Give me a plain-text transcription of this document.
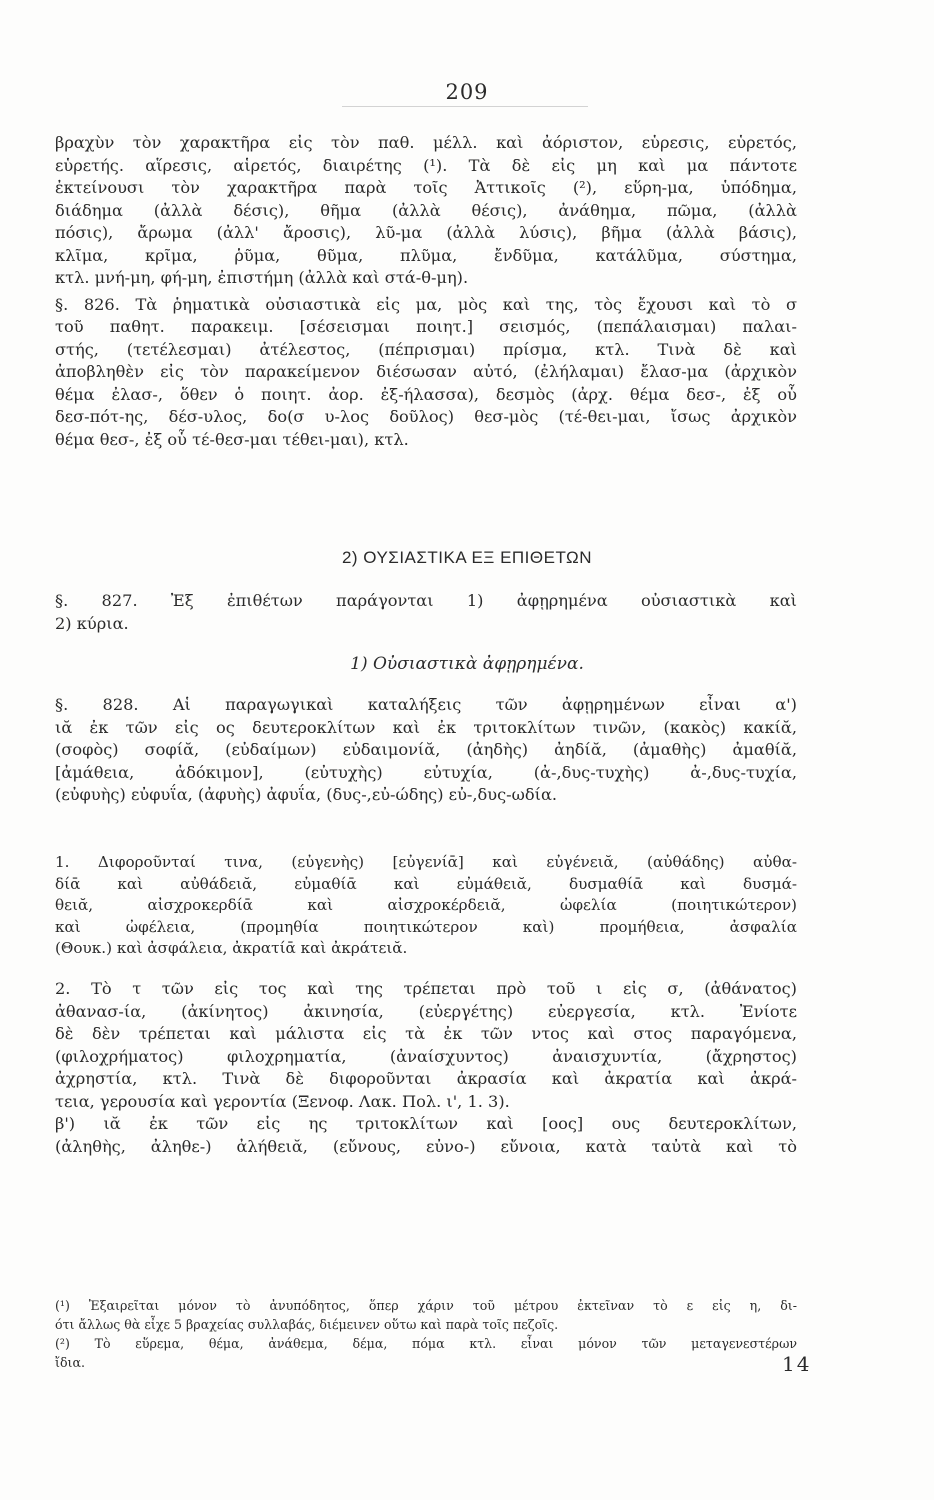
209
βραχὺν τὸν χαρακτῆρα εἰς τὸν παθ. μέλλ. καὶ ἀόριστον, εὑρεσις, εὑρετός,
εὑρετής. αἵρεσις, αἱρετός, διαιρέτης (¹). Τὰ δὲ εἰς μη καὶ μα πάντοτε
ἐκτείνουσι τὸν χαρακτῆρα παρὰ τοῖς Ἀττικοῖς (²), εὕρη-μα, ὑπόδημα,
διάδημα (ἀλλὰ δέσις), θῆμα (ἀλλὰ θέσις), ἀνάθημα, πῶμα, (ἀλλὰ
πόσις), ἄρωμα (ἀλλ' ἄροσις), λῦ-μα (ἀλλὰ λύσις), βῆμα (ἀλλὰ βάσις),
κλῖμα, κρῖμα, ῥῦμα, θῦμα, πλῦμα, ἔνδῦμα, κατάλῦμα, σύστημα,
κτλ. μνή-μη, φή-μη, ἐπιστήμη (ἀλλὰ καὶ στά-θ-μη).
§. 826. Τὰ ῥηματικὰ οὐσιαστικὰ εἰς μα, μὸς καὶ της, τὸς ἔχουσι καὶ τὸ σ
τοῦ παθητ. παρακειμ. [σέσεισμαι ποιητ.] σεισμός, (πεπάλαισμαι) παλαι-
στής, (τετέλεσμαι) ἀτέλεστος, (πέπρισμαι) πρίσμα, κτλ. Τινὰ δὲ καὶ
ἀποβληθὲν εἰς τὸν παρακείμενον διέσωσαν αὐτό, (ἐλήλαμαι) ἔλασ-μα (ἀρχικὸν
θέμα ἐλασ-, ὅθεν ὁ ποιητ. ἀορ. ἐξ-ήλασσα), δεσμὸς (ἀρχ. θέμα δεσ-, ἐξ οὗ
δεσ-πότ-ης, δέσ-υλος, δο(σ υ-λος δοῦλος) θεσ-μὸς (τέ-θει-μαι, ἴσως ἀρχικὸν
θέμα θεσ-, ἐξ οὗ τέ-θεσ-μαι τέθει-μαι), κτλ.
2) ΟΥΣΙΑΣΤΙΚΑ ΕΞ ΕΠΙΘΕΤΩΝ
§. 827. Ἐξ ἐπιθέτων παράγονται 1) ἀφῃρημένα οὐσιαστικὰ καὶ
2) κύρια.
1) Οὐσιαστικὰ ἀφῃρημένα.
§. 828. Αἱ παραγωγικαὶ καταλήξεις τῶν ἀφῃρημένων εἶναι α')
ιᾰ ἐκ τῶν εἰς ος δευτεροκλίτων καὶ ἐκ τριτοκλίτων τινῶν, (κακὸς) κακίᾰ,
(σοφὸς) σοφίᾰ, (εὐδαίμων) εὐδαιμονίᾰ, (ἀηδὴς) ἀηδίᾰ, (ἀμαθὴς) ἀμαθίᾰ,
[ἀμάθεια, ἀδόκιμον], (εὐτυχὴς) εὐτυχία, (ἀ-,δυς-τυχὴς) ἀ-,δυς-τυχία,
(εὐφυὴς) εὐφυΐα, (ἀφυὴς) ἀφυΐα, (δυς-,εὐ-ώδης) εὐ-,δυς-ωδία.
1. Διφοροῦνταί τινα, (εὐγενὴς) [εὐγενίᾱ] καὶ εὐγένειᾰ, (αὐθάδης) αὐθα-
δίᾱ καὶ αὐθάδειᾰ, εὐμαθίᾱ καὶ εὐμάθειᾰ, δυσμαθίᾱ καὶ δυσμά-
θειᾰ, αἰσχροκερδίᾱ καὶ αἰσχροκέρδειᾰ, ὠφελία (ποιητικώτερον)
καὶ ὠφέλεια, (προμηθία ποιητικώτερον καὶ) προμήθεια, ἀσφαλία
(Θουκ.) καὶ ἀσφάλεια, ἀκρατίᾱ καὶ ἀκράτειᾰ.
2. Τὸ τ τῶν εἰς τος καὶ της τρέπεται πρὸ τοῦ ι εἰς σ, (ἀθάνατος)
ἀθανασ-ία, (ἀκίνητος) ἀκινησία, (εὐεργέτης) εὐεργεσία, κτλ. Ἐνίοτε
δὲ δὲν τρέπεται καὶ μάλιστα εἰς τὰ ἐκ τῶν ντος καὶ στος παραγόμενα,
(φιλοχρήματος) φιλοχρηματία, (ἀναίσχυντος) ἀναισχυντία, (ἄχρηστος)
ἀχρηστία, κτλ. Τινὰ δὲ διφοροῦνται ἀκρασία καὶ ἀκρατία καὶ ἀκρά-
τεια, γερουσία καὶ γεροντία (Ξενοφ. Λακ. Πολ. ι', 1. 3).
β') ιᾰ ἐκ τῶν εἰς ης τριτοκλίτων καὶ [οος] ους δευτεροκλίτων,
(ἀληθὴς, ἀληθε-) ἀλήθειᾰ, (εὔνους, εὐνο-) εὔνοια, κατὰ ταὐτὰ καὶ τὸ
(¹) Ἐξαιρεῖται μόνον τὸ ἀνυπόδητος, ὅπερ χάριν τοῦ μέτρου ἐκτεῖναν τὸ ε εἰς η, δι-
ότι ἄλλως θὰ εἶχε 5 βραχείας συλλαβάς, διέμεινεν οὕτω καὶ παρὰ τοῖς πεζοῖς.
(²) Τὸ εὕρεμα, θέμα, ἀνάθεμα, δέμα, πόμα κτλ. εἶναι μόνον τῶν μεταγενεστέρων
ἴδια.	14
